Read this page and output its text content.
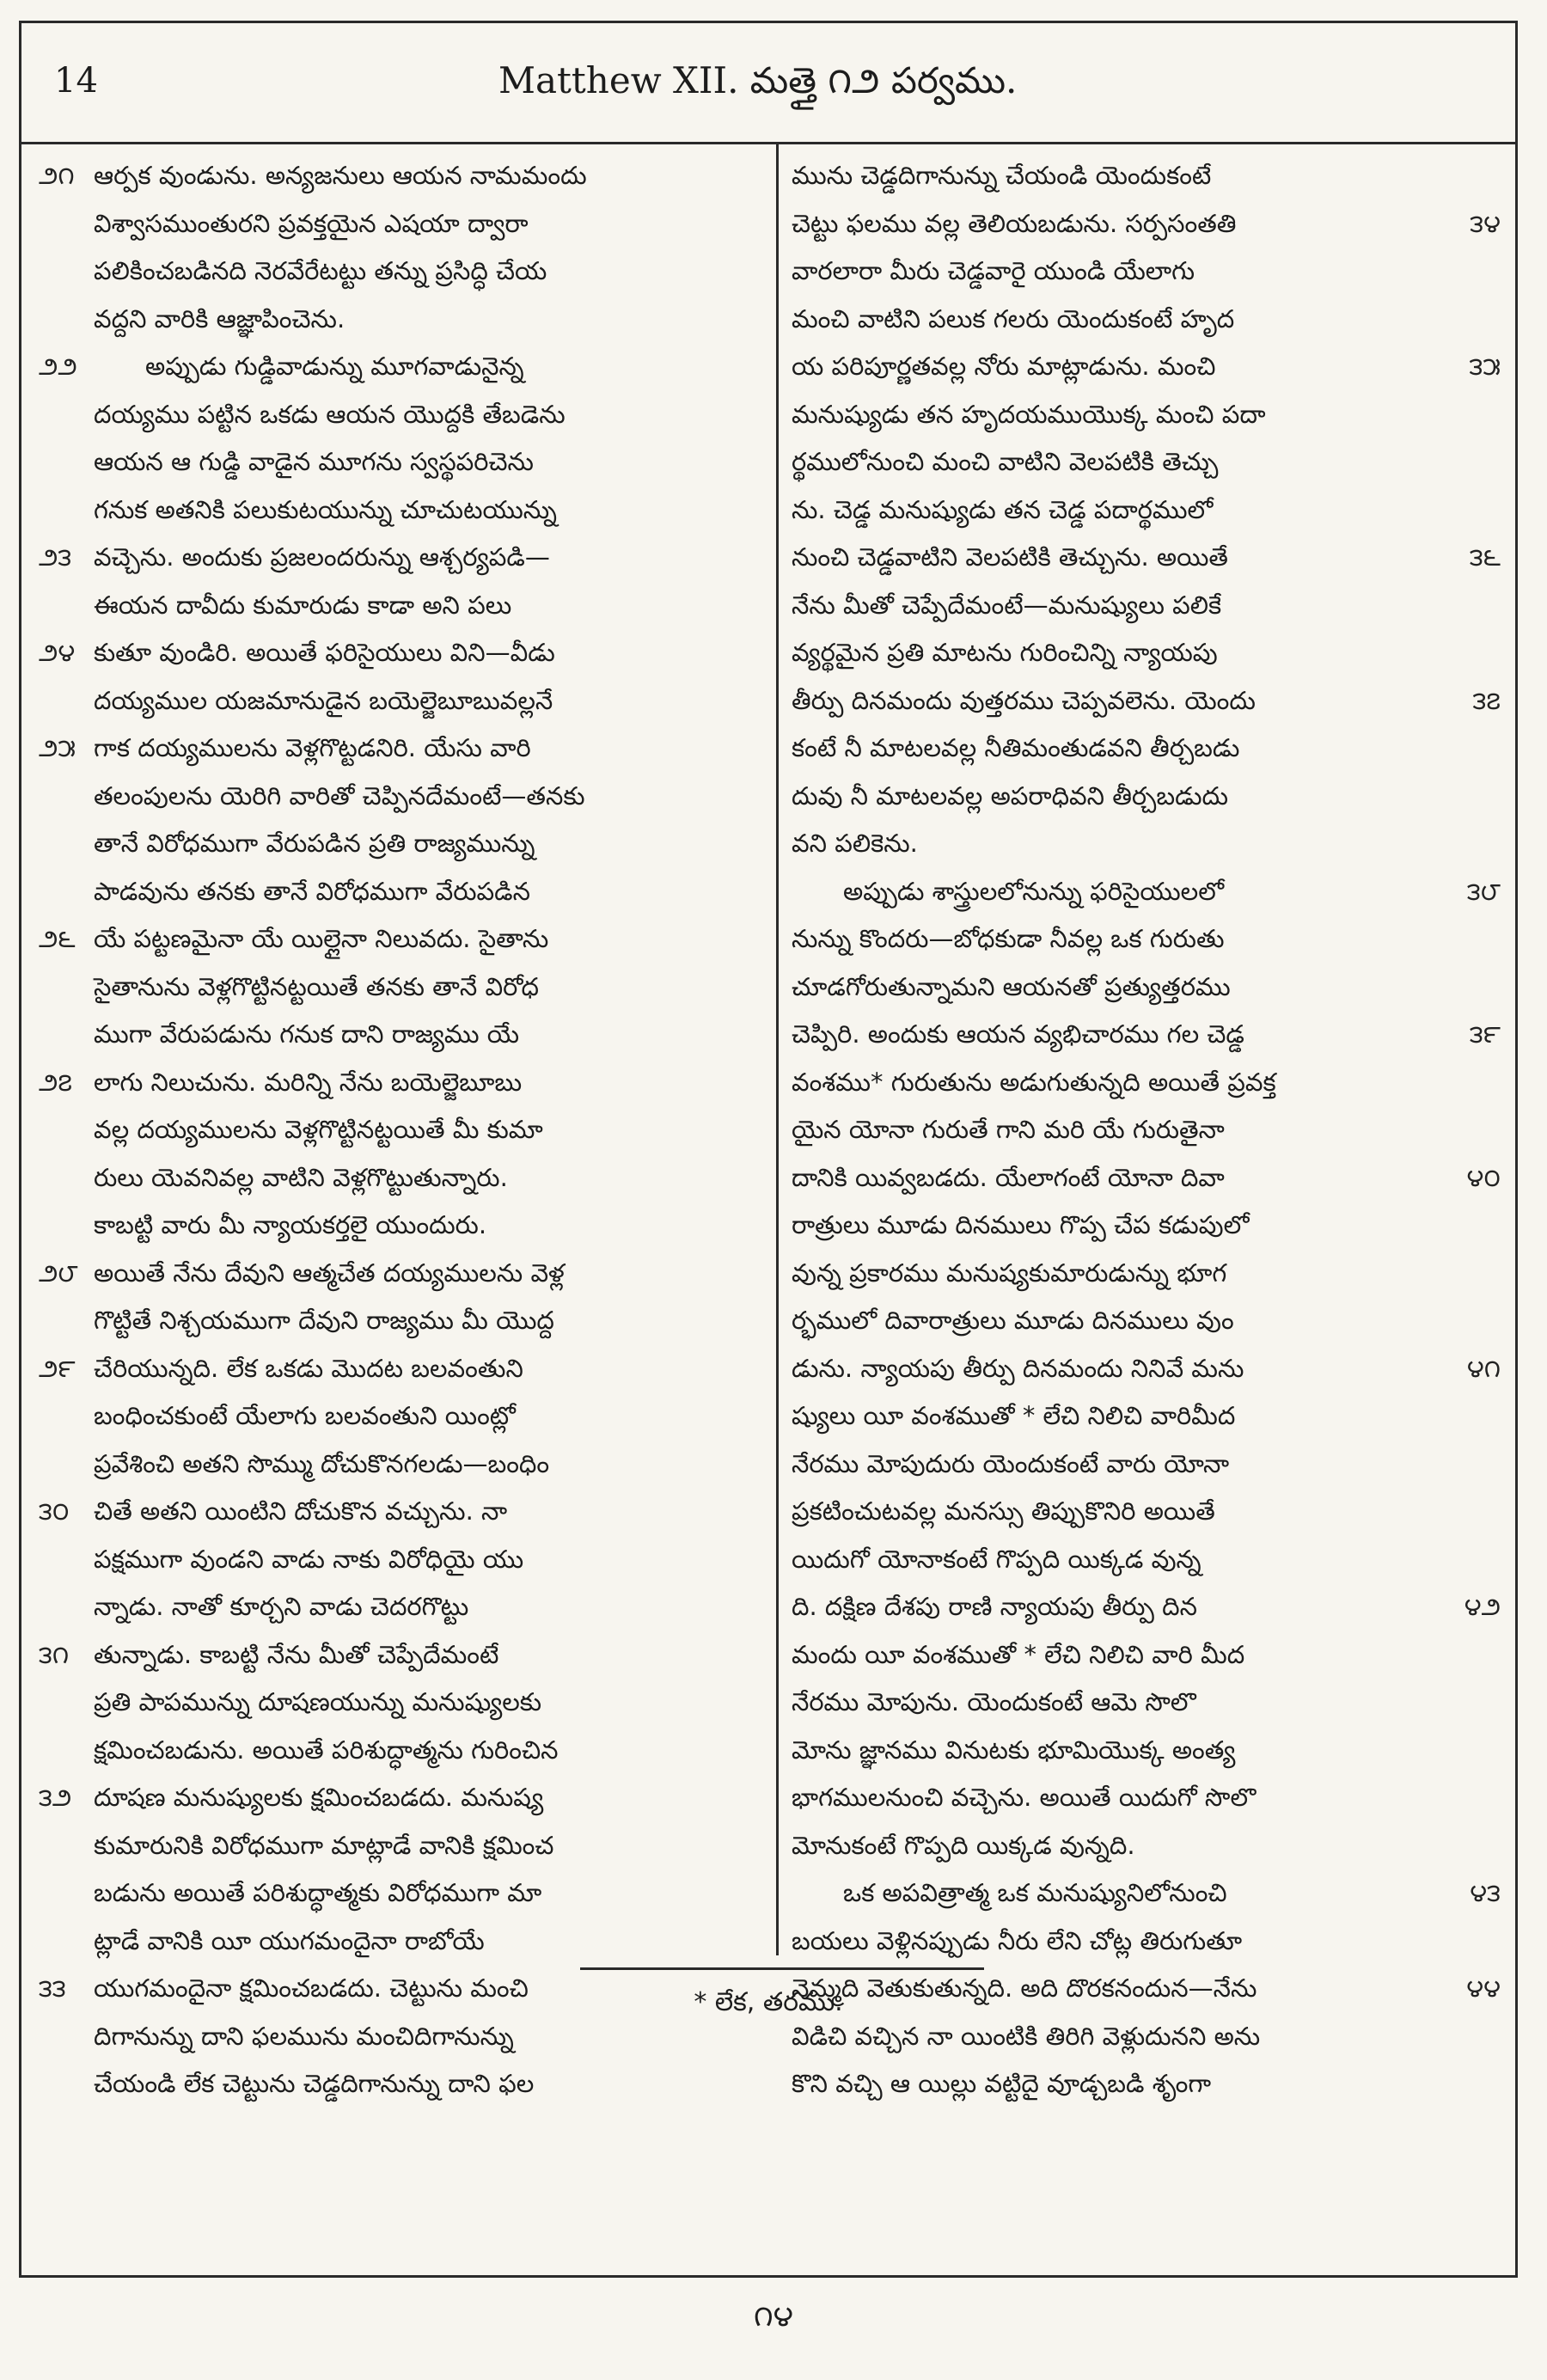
14	Matthew XII. మత్తై ౧౨ పర్వము.
౨౧ ఆర్పక వుండును. అన్యజనులు ఆయన నామమందు
విశ్వాసముంతురని ప్రవక్తయైన ఎషయా ద్వారా
పలికించబడినది నెరవేరేటట్టు తన్ను ప్రసిద్ధి చేయ
వద్దని వారికి ఆజ్ఞాపించెను.
౨౨	అప్పుడు గుడ్డివాడున్ను మూగవాడునైన్న
దయ్యము పట్టిన ఒకడు ఆయన యొద్దకి తేబడెను
ఆయన ఆ గుడ్డి వాడైన మూగను స్వస్థపరిచెను
గనుక అతనికి పలుకుటయున్ను చూచుటయున్ను
౨౩ వచ్చెను. అందుకు ప్రజలందరున్ను ఆశ్చర్యపడి—
ఈయన దావీదు కుమారుడు కాడా అని పలు
౨౪ కుతూ వుండిరి. అయితే ఫరిసైయులు విని—వీడు
దయ్యముల యజమానుడైన బయెల్జెబూబువల్లనే
౨౫ గాక దయ్యములను వెళ్లగొట్టడనిరి. యేసు వారి
తలంపులను యెరిగి వారితో చెప్పినదేమంటే—తనకు
తానే విరోధముగా వేరుపడిన ప్రతి రాజ్యమున్ను
పాడవును తనకు తానే విరోధముగా వేరుపడిన
౨౬ యే పట్టణమైనా యే యిల్లైనా నిలువదు. సైతాను
సైతానును వెళ్లగొట్టినట్టయితే తనకు తానే విరోధ
ముగా వేరుపడును గనుక దాని రాజ్యము యే
౨౭ లాగు నిలుచును. మరిన్ని నేను బయెల్జెబూబు
వల్ల దయ్యములను వెళ్లగొట్టినట్టయితే మీ కుమా
రులు యెవనివల్ల వాటిని వెళ్లగొట్టుతున్నారు.
కాబట్టి వారు మీ న్యాయకర్తలై యుందురు.
౨౮ అయితే నేను దేవుని ఆత్మచేత దయ్యములను వెళ్ల
గొట్టితే నిశ్చయముగా దేవుని రాజ్యము మీ యొద్ద
౨౯ చేరియున్నది. లేక ఒకడు మొదట బలవంతుని
బంధించకుంటే యేలాగు బలవంతుని యింట్లో
ప్రవేశించి అతని సొమ్ము దోచుకొనగలడు—బంధిం
౩౦ చితే అతని యింటిని దోచుకొన వచ్చును. నా
పక్షముగా వుండని వాడు నాకు విరోధియై యు
న్నాడు. నాతో కూర్చని వాడు చెదరగొట్టు
౩౧ తున్నాడు. కాబట్టి నేను మీతో చెప్పేదేమంటే
ప్రతి పాపమున్ను దూషణయున్ను మనుష్యులకు
క్షమించబడును. అయితే పరిశుద్ధాత్మను గురించిన
౩౨ దూషణ మనుష్యులకు క్షమించబడదు. మనుష్య
కుమారునికి విరోధముగా మాట్లాడే వానికి క్షమించ
బడును అయితే పరిశుద్ధాత్మకు విరోధముగా మా
ట్లాడే వానికి యీ యుగమందైనా రాబోయే
౩౩ యుగమందైనా క్షమించబడదు. చెట్టును మంచి
దిగానున్ను దాని ఫలమును మంచిదిగానున్ను
చేయండి లేక చెట్టును చెడ్డదిగానున్ను దాని ఫల
మును చెడ్డదిగానున్ను చేయండి యెందుకంటే
చెట్టు ఫలము వల్ల తెలియబడును. సర్పసంతతి	౩౪
వారలారా మీరు చెడ్డవారై యుండి యేలాగు
మంచి వాటిని పలుక గలరు యెందుకంటే హృద
య పరిపూర్ణతవల్ల నోరు మాట్లాడును. మంచి	౩౫
మనుష్యుడు తన హృదయముయొక్క మంచి పదా
ర్థములోనుంచి మంచి వాటిని వెలపటికి తెచ్చు
ను. చెడ్డ మనుష్యుడు తన చెడ్డ పదార్థములో
నుంచి చెడ్డవాటిని వెలపటికి తెచ్చును. అయితే	౩౬
నేను మీతో చెప్పేదేమంటే—మనుష్యులు పలికే
వ్యర్థమైన ప్రతి మాటను గురించిన్ని న్యాయపు
తీర్పు దినమందు వుత్తరము చెప్పవలెను. యెందు	౩౭
కంటే నీ మాటలవల్ల నీతిమంతుడవని తీర్చబడు
దువు నీ మాటలవల్ల అపరాధివని తీర్చబడుదు
వని పలికెను.
అప్పుడు శాస్త్రులలోనున్ను ఫరిసైయులలో	౩౮
నున్ను కొందరు—బోధకుడా నీవల్ల ఒక గురుతు
చూడగోరుతున్నామని ఆయనతో ప్రత్యుత్తరము
చెప్పిరి. అందుకు ఆయన వ్యభిచారము గల చెడ్డ	౩౯
వంశము* గురుతును అడుగుతున్నది అయితే ప్రవక్త
యైన యోనా గురుతే గాని మరి యే గురుతైనా
దానికి యివ్వబడదు. యేలాగంటే యోనా దివా	౪౦
రాత్రులు మూడు దినములు గొప్ప చేప కడుపులో
వున్న ప్రకారము మనుష్యకుమారుడున్ను భూగ
ర్భములో దివారాత్రులు మూడు దినములు వుం
డును. న్యాయపు తీర్పు దినమందు నినివే మను	౪౧
ష్యులు యీ వంశముతో * లేచి నిలిచి వారిమీద
నేరము మోపుదురు యెందుకంటే వారు యోనా
ప్రకటించుటవల్ల మనస్సు తిప్పుకొనిరి అయితే
యిదుగో యోనాకంటే గొప్పది యిక్కడ వున్న
ది. దక్షిణ దేశపు రాణి న్యాయపు తీర్పు దిన	౪౨
మందు యీ వంశముతో * లేచి నిలిచి వారి మీద
నేరము మోపును. యెందుకంటే ఆమె సొలొ
మోను జ్ఞానము వినుటకు భూమియొక్క అంత్య
భాగములనుంచి వచ్చెను. అయితే యిదుగో సొలొ
మోనుకంటే గొప్పది యిక్కడ వున్నది.
ఒక అపవిత్రాత్మ ఒక మనుష్యునిలోనుంచి	౪౩
బయలు వెళ్లినప్పుడు నీరు లేని చోట్ల తిరుగుతూ
నెమ్మది వెతుకుతున్నది. అది దొరకనందున—నేను	౪౪
విడిచి వచ్చిన నా యింటికి తిరిగి వెళ్లుదునని అను
కొని వచ్చి ఆ యిల్లు వట్టిదై వూడ్చబడి శృంగా
* లేక, తరము.
౧౪
